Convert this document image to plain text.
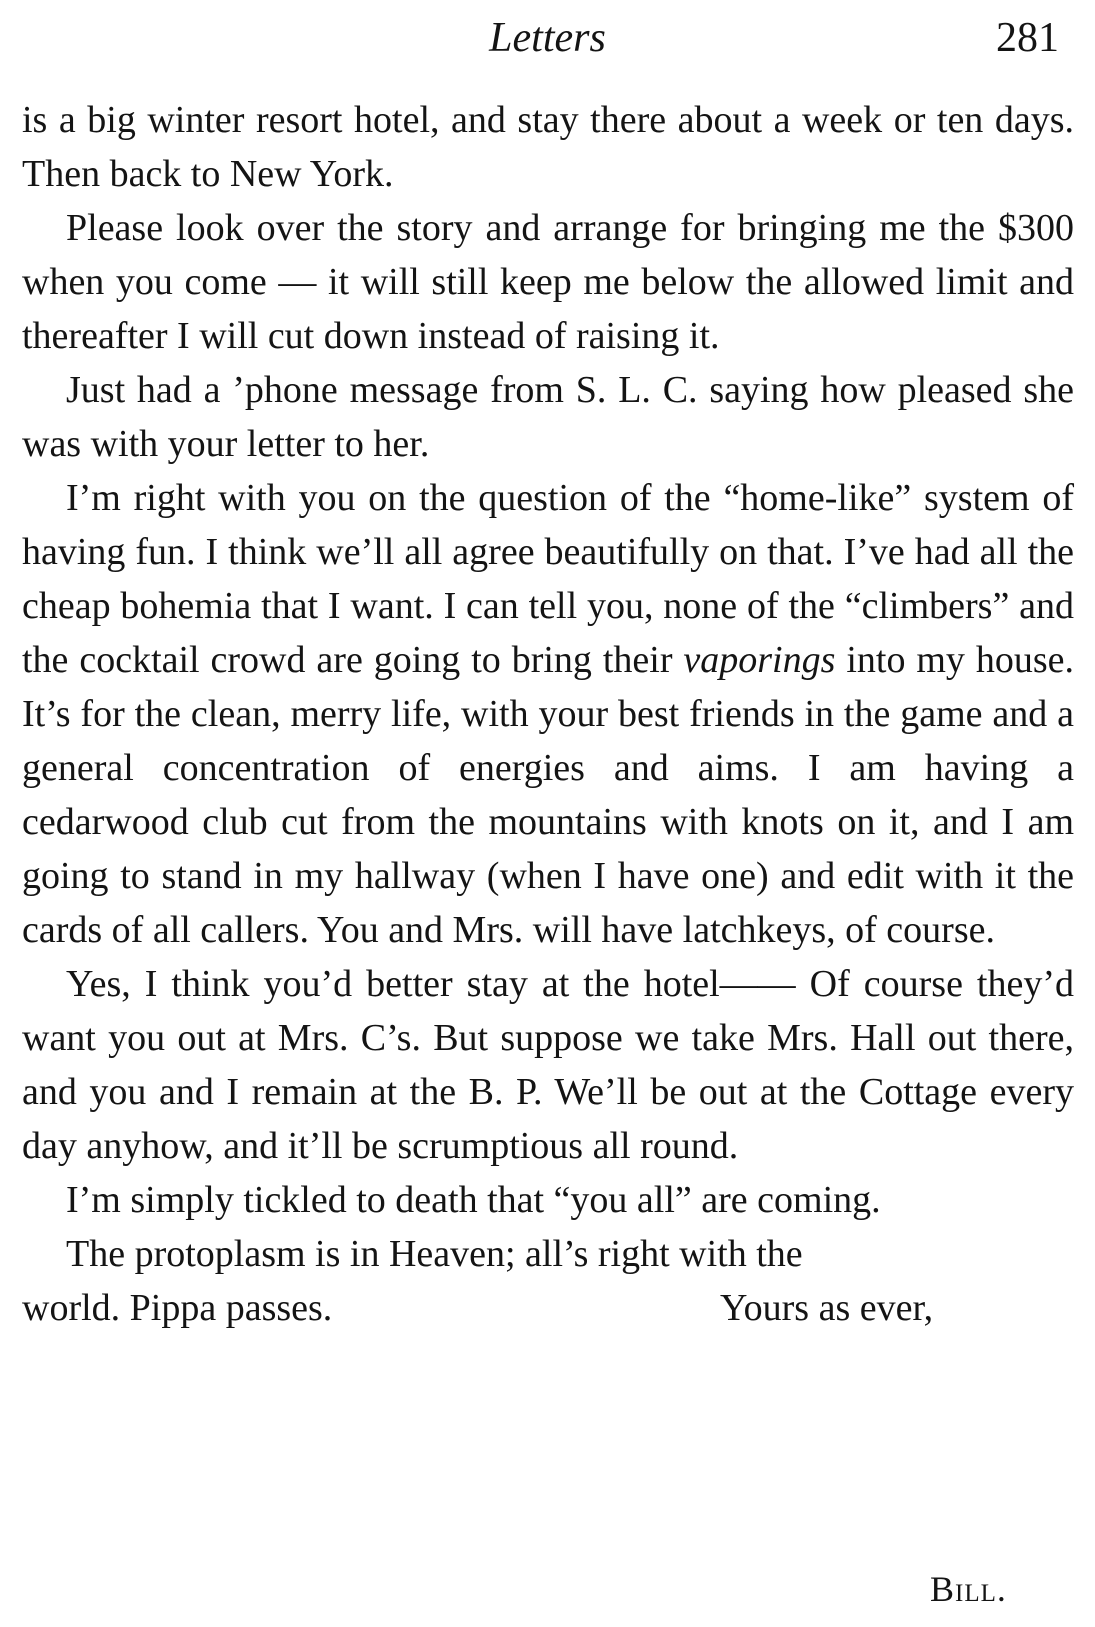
Letters	281

is a big winter resort hotel, and stay there about a week or ten days. Then back to New York.

Please look over the story and arrange for bringing me the $300 when you come — it will still keep me below the allowed limit and thereafter I will cut down instead of raising it.

Just had a ’phone message from S. L. C. saying how pleased she was with your letter to her.

I’m right with you on the question of the “home-like” system of having fun. I think we’ll all agree beautifully on that. I’ve had all the cheap bohemia that I want. I can tell you, none of the “climbers” and the cocktail crowd are going to bring their vaporings into my house. It’s for the clean, merry life, with your best friends in the game and a general concentration of energies and aims. I am having a cedarwood club cut from the mountains with knots on it, and I am going to stand in my hallway (when I have one) and edit with it the cards of all callers. You and Mrs. will have latchkeys, of course.

Yes, I think you’d better stay at the hotel—— Of course they’d want you out at Mrs. C’s. But suppose we take Mrs. Hall out there, and you and I remain at the B. P. We’ll be out at the Cottage every day anyhow, and it’ll be scrumptious all round.

I’m simply tickled to death that “you all” are coming.

The protoplasm is in Heaven; all’s right with the

world. Pippa passes.	Yours as ever,
Bill.
